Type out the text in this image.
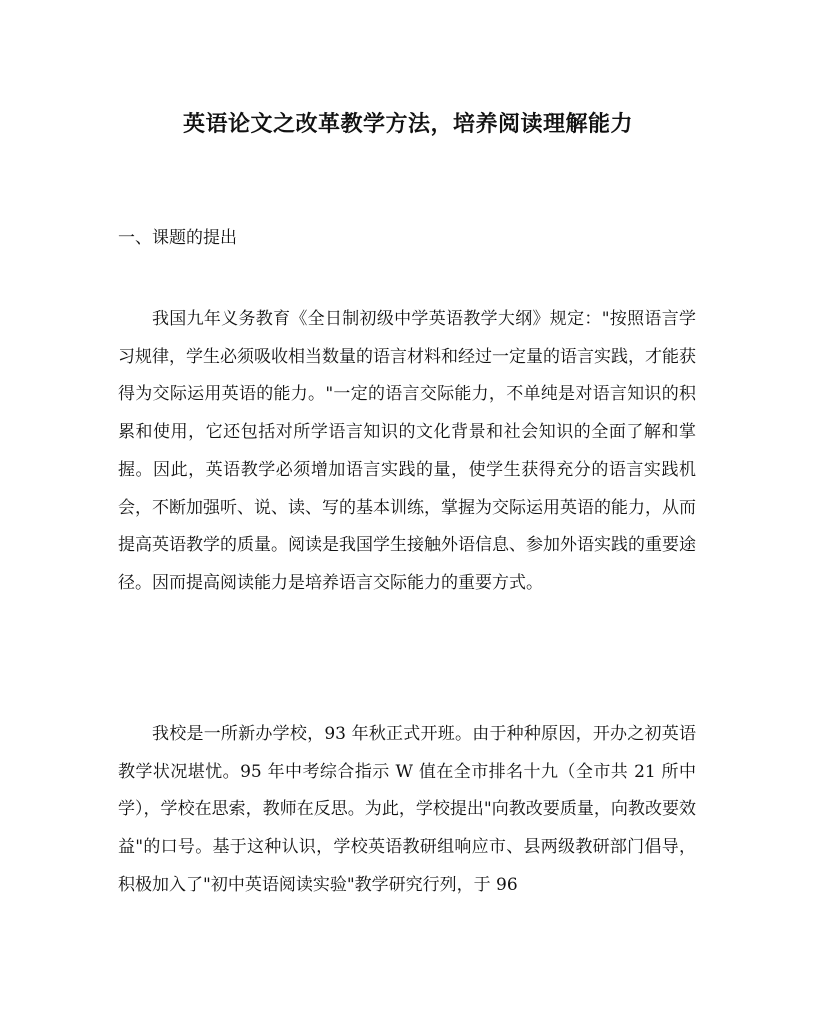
英语论文之改革教学方法，培养阅读理解能力
一、课题的提出

我国九年义务教育《全日制初级中学英语教学大纲》规定："按照语言学习规律，学生必须吸收相当数量的语言材料和经过一定量的语言实践，才能获得为交际运用英语的能力。"一定的语言交际能力，不单纯是对语言知识的积累和使用，它还包括对所学语言知识的文化背景和社会知识的全面了解和掌握。因此，英语教学必须增加语言实践的量，使学生获得充分的语言实践机会，不断加强听、说、读、写的基本训练，掌握为交际运用英语的能力，从而提高英语教学的质量。阅读是我国学生接触外语信息、参加外语实践的重要途径。因而提高阅读能力是培养语言交际能力的重要方式。

我校是一所新办学校，93 年秋正式开班。由于种种原因，开办之初英语教学状况堪忧。95 年中考综合指示 W 值在全市排名十九（全市共 21 所中学），学校在思索，教师在反思。为此，学校提出"向教改要质量，向教改要效益"的口号。基于这种认识，学校英语教研组响应市、县两级教研部门倡导，积极加入了"初中英语阅读实验"教学研究行列，于 96
